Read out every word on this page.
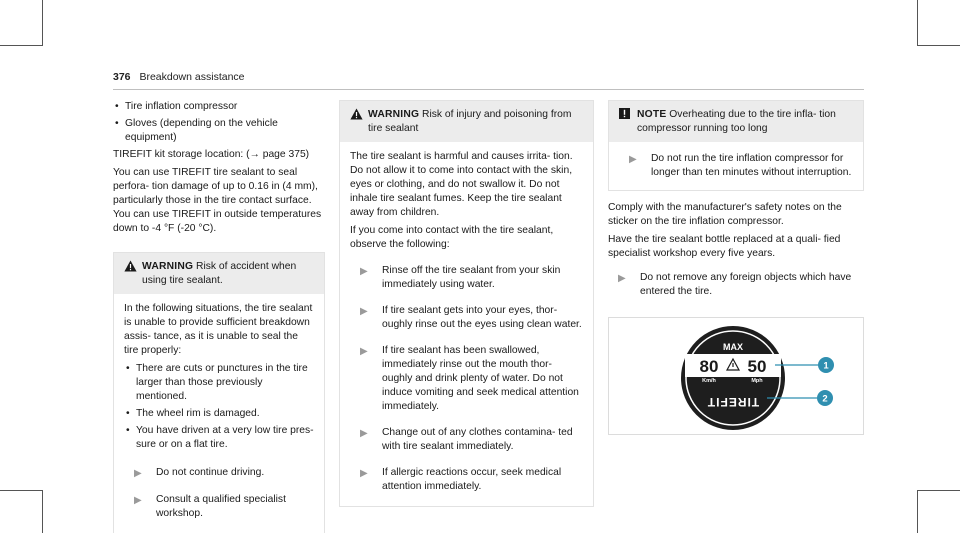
376 Breakdown assistance
• Tire inflation compressor
• Gloves (depending on the vehicle equipment)

TIREFIT kit storage location: (→ page 375)

You can use TIREFIT tire sealant to seal perfora- tion damage of up to 0.16 in (4 mm), particularly those in the tire contact surface. You can use TIREFIT in outside temperatures down to -4 °F (-20 °C).

WARNING Risk of accident when using tire sealant.

In the following situations, the tire sealant is unable to provide sufficient breakdown assis- tance, as it is unable to seal the tire properly:

• There are cuts or punctures in the tire larger than those previously mentioned.
• The wheel rim is damaged.
• You have driven at a very low tire pres- sure or on a flat tire.
▶	Do not continue driving.
▶	Consult a qualified specialist workshop.
WARNING Risk of injury and poisoning from tire sealant

The tire sealant is harmful and causes irrita- tion. Do not allow it to come into contact with the skin, eyes or clothing, and do not swallow it. Do not inhale tire sealant fumes. Keep the tire sealant away from children.

If you come into contact with the tire sealant, observe the following:

▶	Rinse off the tire sealant from your skin immediately using water.
▶	If tire sealant gets into your eyes, thor- oughly rinse out the eyes using clean water.
▶	If tire sealant has been swallowed, immediately rinse out the mouth thor- oughly and drink plenty of water. Do not induce vomiting and seek medical attention immediately.
▶	Change out of any clothes contamina- ted with tire sealant immediately.
▶	If allergic reactions occur, seek medical attention immediately.
NOTE Overheating due to the tire infla- tion compressor running too long
▶	Do not run the tire inflation compressor for longer than ten minutes without interruption.

Comply with the manufacturer's safety notes on the sticker on the tire inflation compressor.

Have the tire sealant bottle replaced at a quali- fied specialist workshop every five years.

▶	Do not remove any foreign objects which have entered the tire.
MAX
80 50
Km/h	Mph
TIREFIT
1
2
